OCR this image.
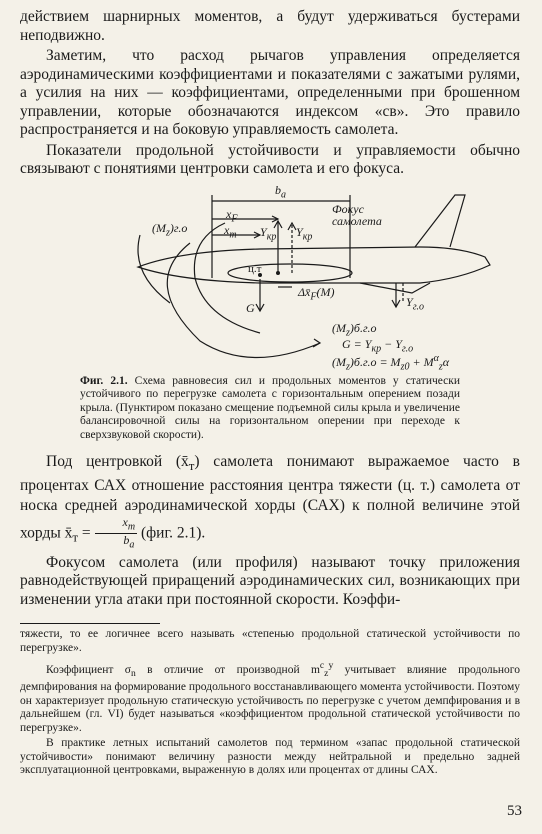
действием шарнирных моментов, а будут удерживаться бустерами неподвижно.

Заметим, что расход рычагов управления определяется аэродинамическими коэффициентами и показателями с зажатыми рулями, а усилия на них — коэффициентами, определенными при брошенном управлении, которые обозначаются индексом «св». Это правило распространяется и на боковую управляемость самолета.

Показатели продольной устойчивости и управляемости обычно связывают с понятиями центровки самолета и его фокуса.

$b_a$
Фокус самолета
$(M_z)г.о$
$x_F$
$x_т$ $Y_{кр}$ $Y_{кр}$
ц.т
G
$\Delta x̄_F(M)$
$Y_{г.о}$
$(M_z)б.г.о$
$G = Y_{кр} - Y_{г.о}$
$(M_z)б.г.о = M_{z0} + M^\alpha_z\alpha$

Фиг. 2.1. Схема равновесия сил и продольных моментов у статически устойчивого по перегрузке самолета с горизонтальным оперением позади крыла. (Пунктиром показано смещение подъемной силы крыла и увеличение балансировочной силы на горизонтальном оперении при переходе к сверхзвуковой скорости).

Под центровкой $(x̄_т)$ самолета понимают выражаемое часто в процентах САХ отношение расстояния центра тяжести (ц. т.) самолета от носка средней аэродинамической хорды (САХ) к полной величине этой хорды $x̄_т = \frac{x_т}{b_a} (фиг$. 2.1).

Фокусом самолета (или профиля) называют точку приложения равнодействующей приращений аэродинамических сил, возникающих при изменении угла атаки при постоянной скорости. Коэффи-

тяжести, то ее логичнее всего называть «степенью продольной статической устойчивости по перегрузке».

Коэффициент $\sigma_n$ в отличие от производной $m^c_z^y$ учитывает влияние продольного демпфирования на формирование продольного восстанавливающего момента устойчивости. Поэтому он характеризует продольную статическую устойчивость по перегрузке с учетом демпфирования и в дальнейшем (гл. VI) будет называться «коэффициентом продольной статической устойчивости по перегрузке».

В практике летных испытаний самолетов под термином «запас продольной статической устойчивости» понимают величину разности между нейтральной и предельно задней эксплуатационной центровками, выраженную в долях или процентах от длины САХ.

53
